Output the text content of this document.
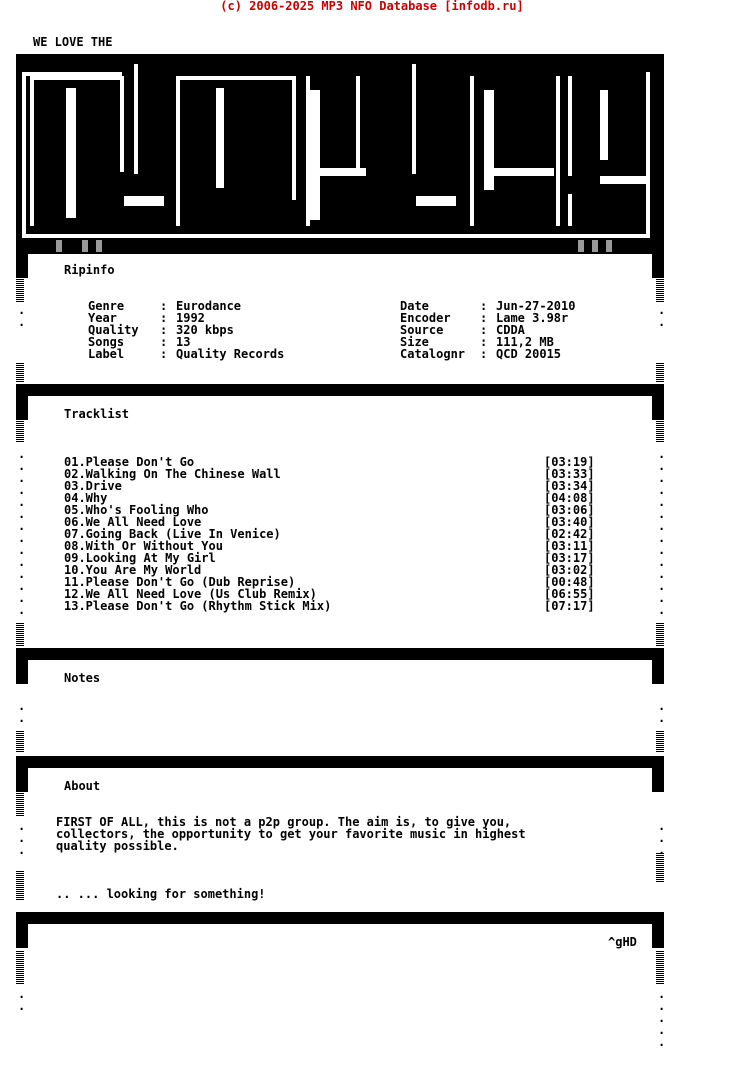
(c) 2006-2025 MP3 NFO Database [infodb.ru]
WE LOVE THE
Ripinfo
Tracklist
Notes
About
.. ... looking for something!
^gHD
Genre	: Eurodance
Year	: 1992
Quality : 320 kbps
Songs	: 13
Label	: Quality Records
Date	: Jun-27-2010
Encoder : Lame 3.98r
Source	: CDDA
Size	: 111,2 MB
Catalognr : QCD 20015
01.Please Don't Go	[03:19]
02.Walking On The Chinese Wall	[03:33]
03.Drive	[03:34]
04.Why	[04:08]
05.Who's Fooling Who	[03:06]
06.We All Need Love	[03:40]
07.Going Back (Live In Venice)	[02:42]
08.With Or Without You	[03:11]
09.Looking At My Girl	[03:17]
10.You Are My World	[03:02]
11.Please Don't Go (Dub Reprise)	[00:48]
12.We All Need Love (Us Club Remix)	[06:55]
13.Please Don't Go (Rhythm Stick Mix)	[07:17]
FIRST OF ALL, this is not a p2p group. The aim is, to give you,
collectors, the opportunity to get your favorite music in highest
quality possible.
.	.
.	.
.	.
.	.
.	.
.	.
.	.
.	.
.	.
.	.
.	.
.	.
.	.
.	.
.	.
.	.
.	.
.	.
.	.
.	.
.	.
.	.
.	.
.
.
.
